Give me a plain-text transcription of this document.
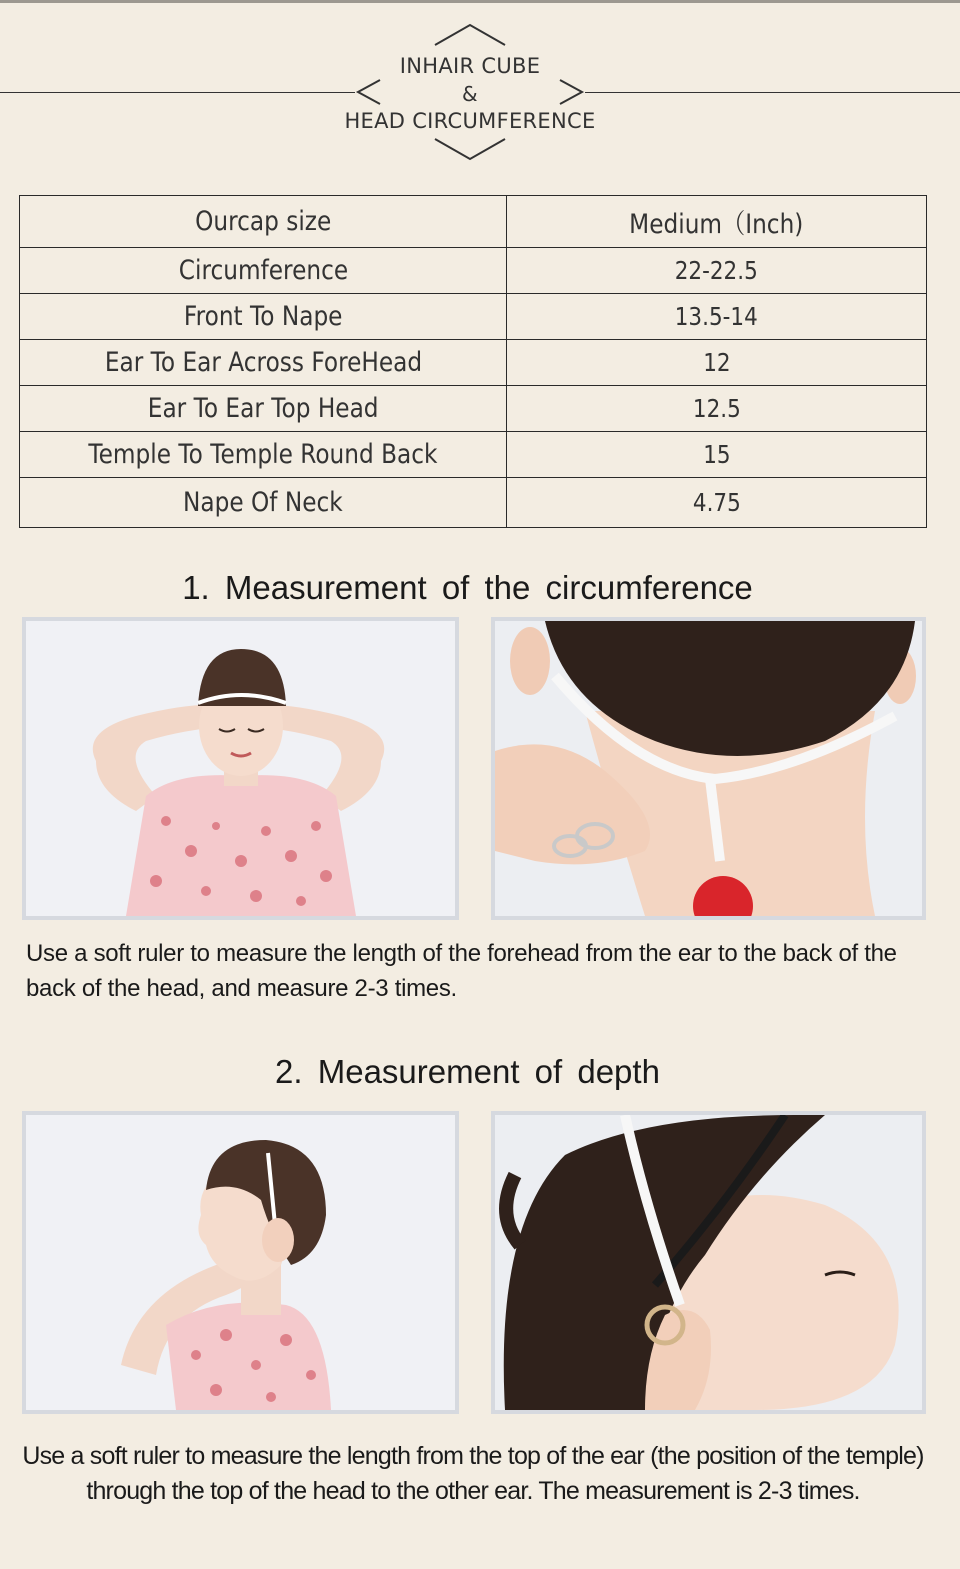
INHAIR CUBE
&
HEAD CIRCUMFERENCE
Ourcap size	Medium（Inch)
Circumference	22-22.5
Front To Nape	13.5-14
Ear To Ear Across ForeHead	12
Ear To Ear Top Head	12.5
Temple To Temple Round Back	15
Nape Of Neck	4.75
1. Measurement of the circumference
Use a soft ruler to measure the length of the forehead from the ear to the back of the back of the head, and measure 2-3 times.
2. Measurement of depth
Use a soft ruler to measure the length from the top of the ear (the position of the temple) through the top of the head to the other ear. The measurement is 2-3 times.
